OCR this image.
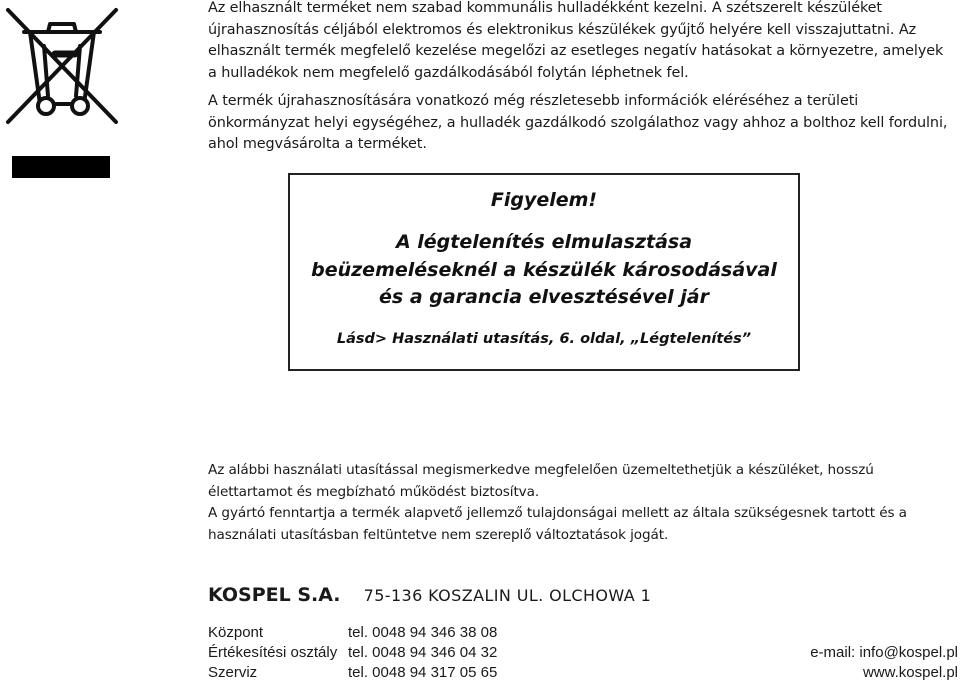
Az elhasznált terméket nem szabad kommunális hulladékként kezelni. A szétszerelt készüléket újrahasznosítás céljából elektromos és elektronikus készülékek gyűjtő helyére kell visszajuttatni. Az elhasznált termék megfelelő kezelése megelőzi az esetleges negatív hatásokat a környezetre, amelyek a hulladékok nem megfelelő gazdálkodásából folytán léphetnek fel.

A termék újrahasznosítására vonatkozó még részletesebb információk eléréséhez a területi önkormányzat helyi egységéhez, a hulladék gazdálkodó szolgálathoz vagy ahhoz a bolthoz kell fordulni, ahol megvásárolta a terméket.

Figyelem!
A légtelenítés elmulasztása beüzemeléseknél a készülék károsodásával és a garancia elvesztésével jár
Lásd> Használati utasítás, 6. oldal, „Légtelenítés”

Az alábbi használati utasítással megismerkedve megfelelően üzemeltethetjük a készüléket, hosszú élettartamot és megbízható működést biztosítva.

A gyártó fenntartja a termék alapvető jellemző tulajdonságai mellett az általa szükségesnek tartott és a használati utasításban feltüntetve nem szereplő változtatások jogát.

KOSPEL S.A. 75-136 KOSZALIN UL. OLCHOWA 1
Központ	tel. 0048 94 346 38 08
Értékesítési osztály tel. 0048 94 346 04 32	e-mail: info@kospel.pl
Szerviz	tel. 0048 94 317 05 65	www.kospel.pl
